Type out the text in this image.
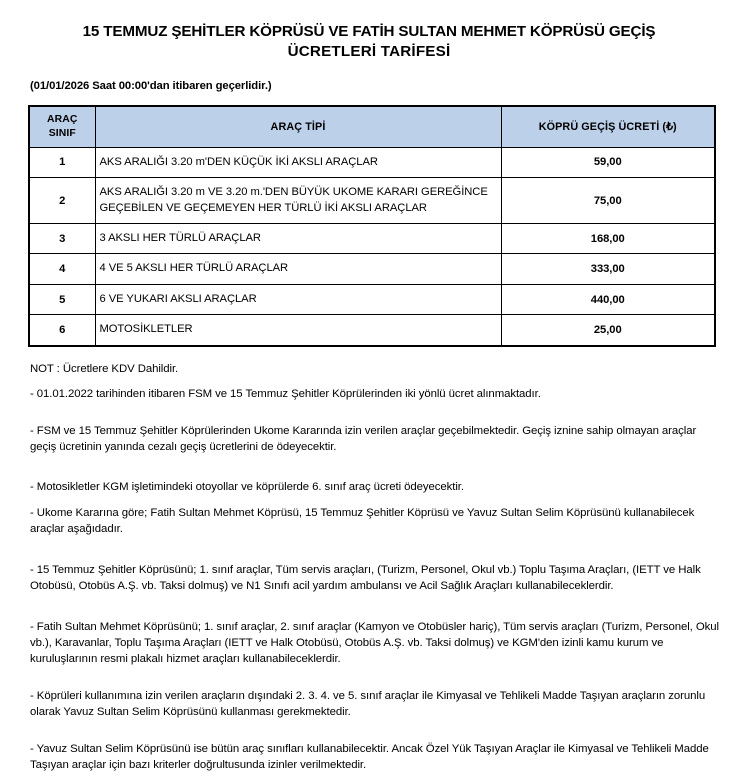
15 TEMMUZ ŞEHİTLER KÖPRÜSÜ VE FATİH SULTAN MEHMET KÖPRÜSÜ GEÇİŞ
ÜCRETLERİ TARİFESİ
(01/01/2026 Saat 00:00'dan itibaren geçerlidir.)
ARAÇ
SINIF	ARAÇ TİPİ	KÖPRÜ GEÇİŞ ÜCRETİ (₺)
1	AKS ARALIĞI 3.20 m'DEN KÜÇÜK İKİ AKSLI ARAÇLAR	59,00
2	AKS ARALIĞI 3.20 m VE 3.20 m.'DEN BÜYÜK UKOME KARARI GEREĞİNCE GEÇEBİLEN VE GEÇEMEYEN HER TÜRLÜ İKİ AKSLI ARAÇLAR	75,00
3	3 AKSLI HER TÜRLÜ ARAÇLAR	168,00
4	4 VE 5 AKSLI HER TÜRLÜ ARAÇLAR	333,00
5	6 VE YUKARI AKSLI ARAÇLAR	440,00
6	MOTOSİKLETLER	25,00
NOT : Ücretlere KDV Dahildir.
- 01.01.2022 tarihinden itibaren FSM ve 15 Temmuz Şehitler Köprülerinden iki yönlü ücret alınmaktadır.
- FSM ve 15 Temmuz Şehitler Köprülerinden Ukome Kararında izin verilen araçlar geçebilmektedir. Geçiş iznine sahip olmayan araçlar geçiş ücretinin yanında cezalı geçiş ücretlerini de ödeyecektir.
- Motosikletler KGM işletimindeki otoyollar ve köprülerde 6. sınıf araç ücreti ödeyecektir.
- Ukome Kararına göre; Fatih Sultan Mehmet Köprüsü, 15 Temmuz Şehitler Köprüsü ve Yavuz Sultan Selim Köprüsünü kullanabilecek araçlar aşağıdadır.
- 15 Temmuz Şehitler Köprüsünü; 1. sınıf araçlar, Tüm servis araçları, (Turizm, Personel, Okul vb.) Toplu Taşıma Araçları, (IETT ve Halk Otobüsü, Otobüs A.Ş. vb. Taksi dolmuş) ve N1 Sınıfı acil yardım ambulansı ve Acil Sağlık Araçları kullanabileceklerdir.
- Fatih Sultan Mehmet Köprüsünü; 1. sınıf araçlar, 2. sınıf araçlar (Kamyon ve Otobüsler hariç), Tüm servis araçları (Turizm, Personel, Okul vb.), Karavanlar, Toplu Taşıma Araçları (IETT ve Halk Otobüsü, Otobüs A.Ş. vb. Taksi dolmuş) ve KGM'den izinli kamu kurum ve kuruluşlarının resmi plakalı hizmet araçları kullanabileceklerdir.
- Köprüleri kullanımına izin verilen araçların dışındaki 2. 3. 4. ve 5. sınıf araçlar ile Kimyasal ve Tehlikeli Madde Taşıyan araçların zorunlu olarak Yavuz Sultan Selim Köprüsünü kullanması gerekmektedir.
- Yavuz Sultan Selim Köprüsünü ise bütün araç sınıfları kullanabilecektir. Ancak Özel Yük Taşıyan Araçlar ile Kimyasal ve Tehlikeli Madde Taşıyan araçlar için bazı kriterler doğrultusunda izinler verilmektedir.
